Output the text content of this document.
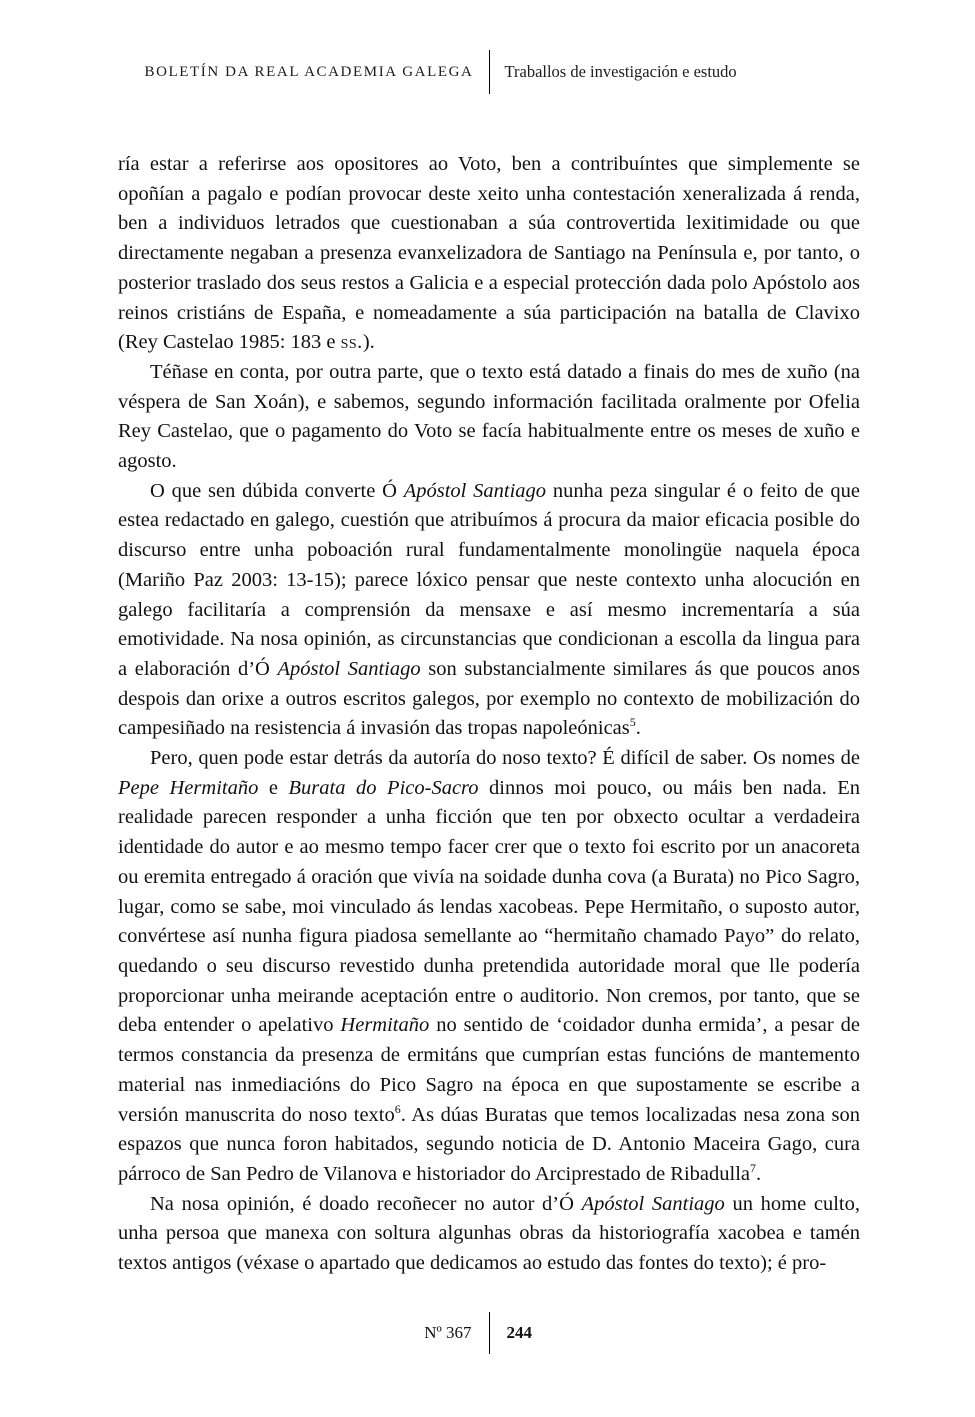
BOLETÍN DA REAL ACADEMIA GALEGA	Traballos de investigación e estudo

ría estar a referirse aos opositores ao Voto, ben a contribuíntes que simplemente se opoñían a pagalo e podían provocar deste xeito unha contestación xeneralizada á renda, ben a individuos letrados que cuestionaban a súa controvertida lexitimidade ou que directamente negaban a presenza evanxelizadora de Santiago na Península e, por tanto, o posterior traslado dos seus restos a Galicia e a especial protección dada polo Apóstolo aos reinos cristiáns de España, e nomeadamente a súa participación na batalla de Clavixo (Rey Castelao 1985: 183 e ss.).

Téñase en conta, por outra parte, que o texto está datado a finais do mes de xuño (na véspera de San Xoán), e sabemos, segundo información facilitada oralmente por Ofelia Rey Castelao, que o pagamento do Voto se facía habitualmente entre os meses de xuño e agosto.

O que sen dúbida converte Ó Apóstol Santiago nunha peza singular é o feito de que estea redactado en galego, cuestión que atribuímos á procura da maior eficacia posible do discurso entre unha poboación rural fundamentalmente monolingüe naquela época (Mariño Paz 2003: 13-15); parece lóxico pensar que neste contexto unha alocución en galego facilitaría a comprensión da mensaxe e así mesmo incrementaría a súa emotividade. Na nosa opinión, as circunstancias que condicionan a escolla da lingua para a elaboración d’Ó Apóstol Santiago son substancialmente similares ás que poucos anos despois dan orixe a outros escritos galegos, por exemplo no contexto de mobilización do campesiñado na resistencia á invasión das tropas napoleónicas$^5$.

Pero, quen pode estar detrás da autoría do noso texto? É difícil de saber. Os nomes de Pepe Hermitaño e Burata do Pico-Sacro dinnos moi pouco, ou máis ben nada. En realidade parecen responder a unha ficción que ten por obxecto ocultar a verdadeira identidade do autor e ao mesmo tempo facer crer que o texto foi escrito por un anacoreta ou eremita entregado á oración que vivía na soidade dunha cova (a Burata) no Pico Sagro, lugar, como se sabe, moi vinculado ás lendas xacobeas. Pepe Hermitaño, o suposto autor, convértese así nunha figura piadosa semellante ao “hermitaño chamado Payo” do relato, quedando o seu discurso revestido dunha pretendida autoridade moral que lle podería proporcionar unha meirande aceptación entre o auditorio. Non cremos, por tanto, que se deba entender o apelativo Hermitaño no sentido de ‘coidador dunha ermida’, a pesar de termos constancia da presenza de ermitáns que cumprían estas funcións de mantemento material nas inmediacións do Pico Sagro na época en que supostamente se escribe a versión manuscrita do noso texto$^6$. As dúas Buratas que temos localizadas nesa zona son espazos que nunca foron habitados, segundo noticia de D. Antonio Maceira Gago, cura párroco de San Pedro de Vilanova e historiador do Arciprestado de Ribadulla$^7$.

Na nosa opinión, é doado recoñecer no autor d’Ó Apóstol Santiago un home culto, unha persoa que manexa con soltura algunhas obras da historiografía xacobea e tamén textos antigos (véxase o apartado que dedicamos ao estudo das fontes do texto); é pro-

Nº 367	244
